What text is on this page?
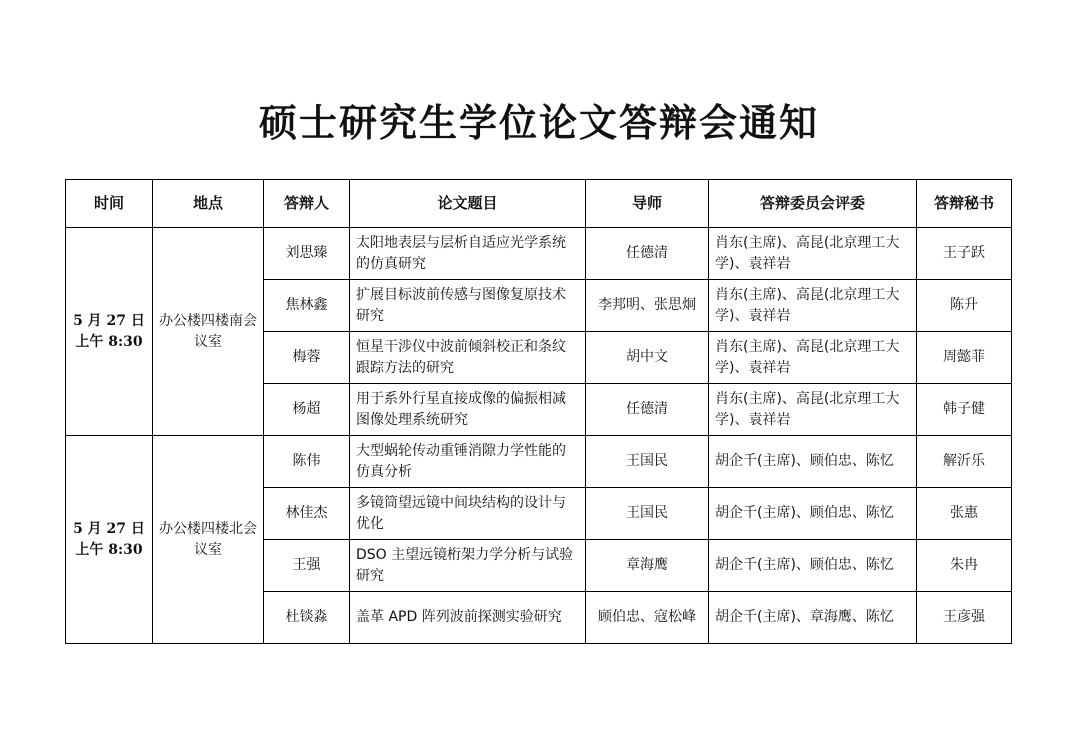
硕士研究生学位论文答辩会通知
时间	地点	答辩人	论文题目	导师	答辩委员会评委	答辩秘书

5 月 27 日
上午 8:30	办公楼四楼南会议室	刘思臻	太阳地表层与层析自适应光学系统的仿真研究	任德清	肖东(主席)、高昆(北京理工大学)、袁祥岩	王子跃
		焦林鑫	扩展目标波前传感与图像复原技术研究	李邦明、张思炯	肖东(主席)、高昆(北京理工大学)、袁祥岩	陈升
		梅蓉	恒星干涉仪中波前倾斜校正和条纹跟踪方法的研究	胡中文	肖东(主席)、高昆(北京理工大学)、袁祥岩	周懿菲
		杨超	用于系外行星直接成像的偏振相减图像处理系统研究	任德清	肖东(主席)、高昆(北京理工大学)、袁祥岩	韩子健

5 月 27 日
上午 8:30	办公楼四楼北会议室	陈伟	大型蜗轮传动重锤消隙力学性能的仿真分析	王国民	胡企千(主席)、顾伯忠、陈忆	解沂乐
		林佳杰	多镜筒望远镜中间块结构的设计与优化	王国民	胡企千(主席)、顾伯忠、陈忆	张惠
		王强	DSO 主望远镜桁架力学分析与试验研究	章海鹰	胡企千(主席)、顾伯忠、陈忆	朱冉
		杜锬淼	盖革 APD 阵列波前探测实验研究	顾伯忠、寇松峰	胡企千(主席)、章海鹰、陈忆	王彦强
